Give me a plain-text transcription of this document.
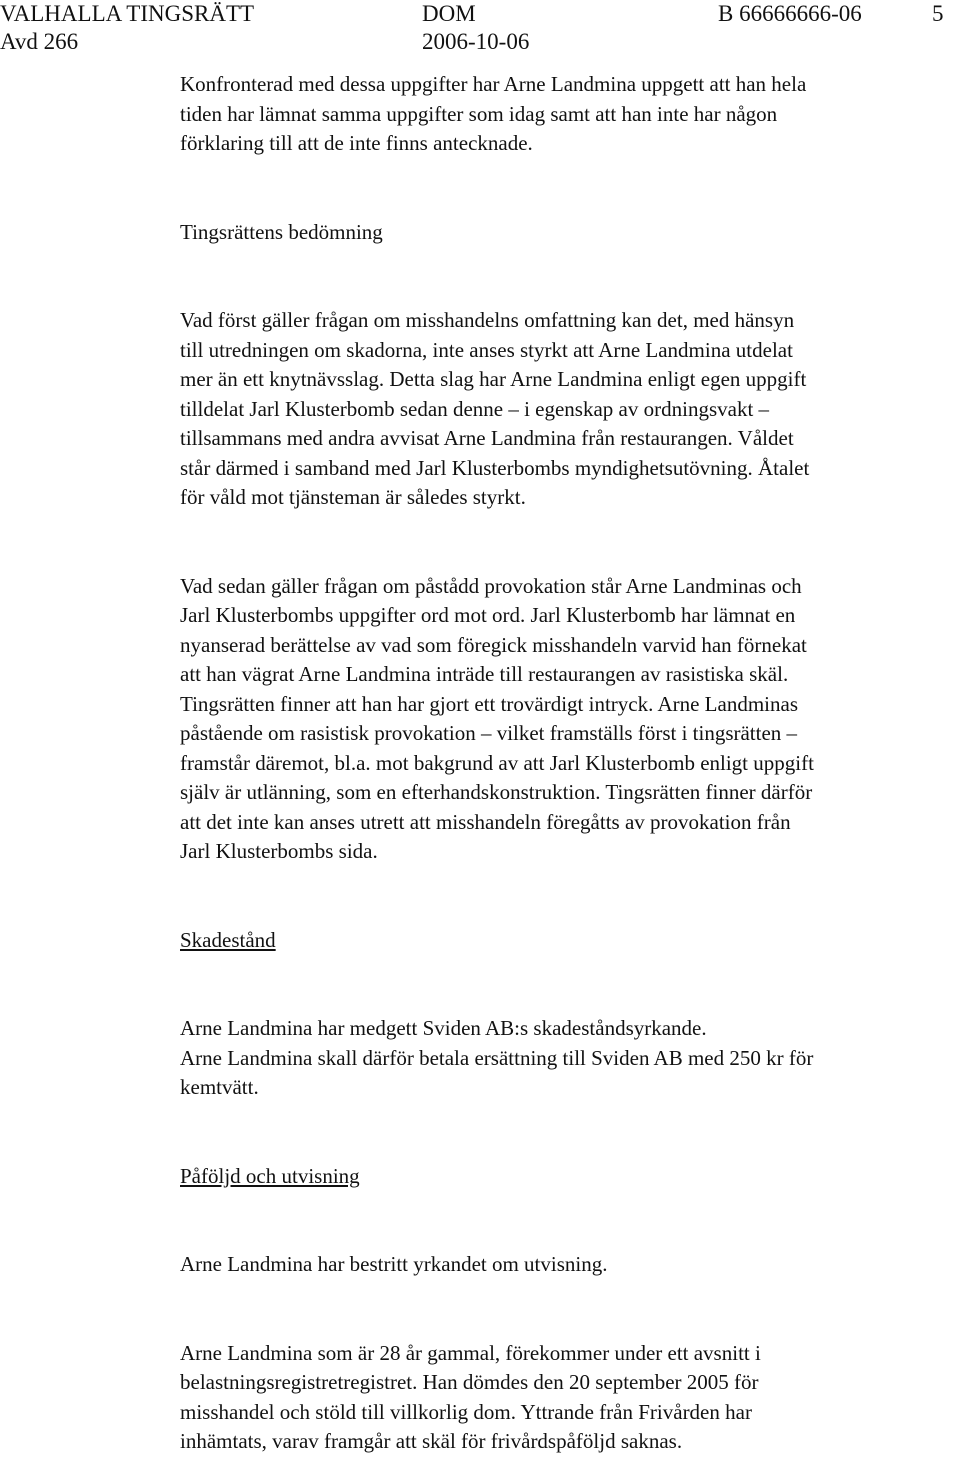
VALHALLA TINGSRÄTT	DOM	B 66666666-06	5
Avd 266	2006-10-06

Konfronterad med dessa uppgifter har Arne Landmina uppgett att han hela
tiden har lämnat samma uppgifter som idag samt att han inte har någon
förklaring till att de inte finns antecknade.

Tingsrättens bedömning

Vad först gäller frågan om misshandelns omfattning kan det, med hänsyn
till utredningen om skadorna, inte anses styrkt att Arne Landmina utdelat
mer än ett knytnävsslag. Detta slag har Arne Landmina enligt egen uppgift
tilldelat Jarl Klusterbomb sedan denne – i egenskap av ordningsvakt –
tillsammans med andra avvisat Arne Landmina från restaurangen. Våldet
står därmed i samband med Jarl Klusterbombs myndighetsutövning. Åtalet
för våld mot tjänsteman är således styrkt.

Vad sedan gäller frågan om påstådd provokation står Arne Landminas och
Jarl Klusterbombs uppgifter ord mot ord. Jarl Klusterbomb har lämnat en
nyanserad berättelse av vad som föregick misshandeln varvid han förnekat
att han vägrat Arne Landmina inträde till restaurangen av rasistiska skäl.
Tingsrätten finner att han har gjort ett trovärdigt intryck. Arne Landminas
påstående om rasistisk provokation – vilket framställs först i tingsrätten –
framstår däremot, bl.a. mot bakgrund av att Jarl Klusterbomb enligt uppgift
själv är utlänning, som en efterhandskonstruktion. Tingsrätten finner därför
att det inte kan anses utrett att misshandeln föregåtts av provokation från
Jarl Klusterbombs sida.

Skadestånd

Arne Landmina har medgett Sviden AB:s skadeståndsyrkande.
Arne Landmina skall därför betala ersättning till Sviden AB med 250 kr för
kemtvätt.

Påföljd och utvisning

Arne Landmina har bestritt yrkandet om utvisning.

Arne Landmina som är 28 år gammal, förekommer under ett avsnitt i
belastningsregistretregistret. Han dömdes den 20 september 2005 för
misshandel och stöld till villkorlig dom. Yttrande från Frivården har
inhämtats, varav framgår att skäl för frivårdspåföljd saknas.
